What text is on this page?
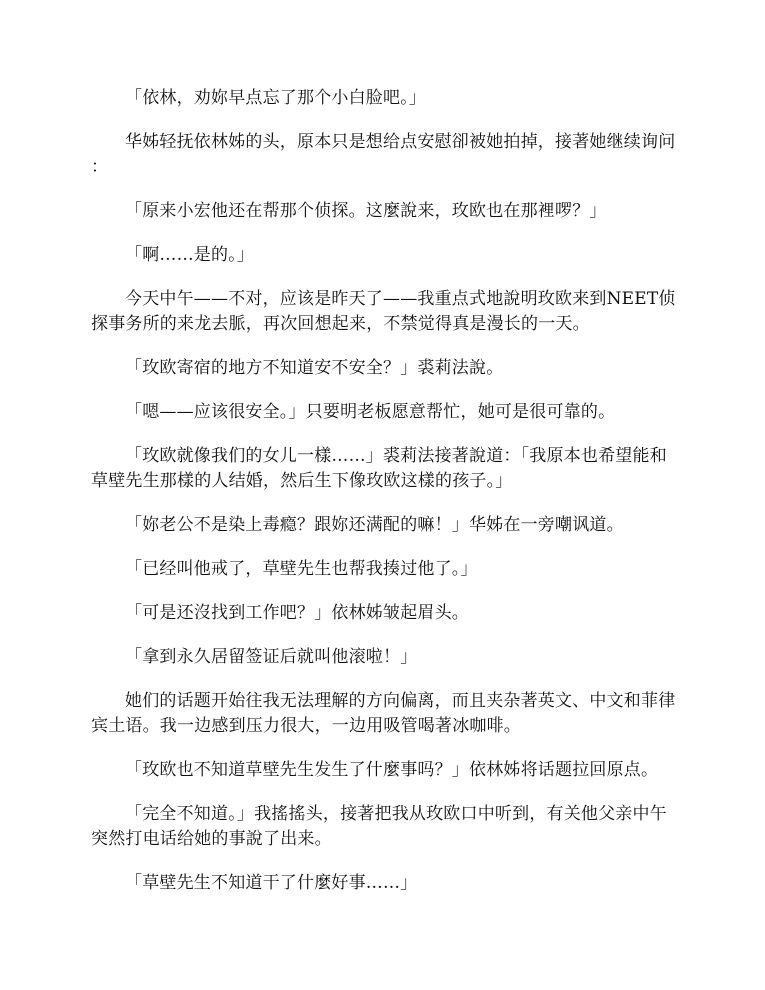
「依林，劝妳早点忘了那个小白脸吧。」

华姊轻抚依林姊的头，原本只是想给点安慰卻被她拍掉，接著她继续询问：

「原来小宏他还在帮那个侦探。这麼說来，玫欧也在那裡啰？」

「啊……是的。」

今天中午——不对，应该是昨天了——我重点式地說明玫欧来到NEET侦探事务所的来龙去脈，再次回想起来，不禁觉得真是漫长的一天。

「玫欧寄宿的地方不知道安不安全？」裘莉法說。

「嗯——应该很安全。」只要明老板愿意帮忙，她可是很可靠的。

「玫欧就像我们的女儿一樣……」裘莉法接著說道：「我原本也希望能和草壁先生那樣的人结婚，然后生下像玫欧这樣的孩子。」

「妳老公不是染上毒瘾？跟妳还满配的嘛！」华姊在一旁嘲讽道。

「已经叫他戒了，草壁先生也帮我揍过他了。」

「可是还沒找到工作吧？」依林姊皱起眉头。

「拿到永久居留签证后就叫他滚啦！」

她们的话题开始往我无法理解的方向偏离，而且夹杂著英文、中文和菲律宾土语。我一边感到压力很大，一边用吸管喝著冰咖啡。

「玫欧也不知道草壁先生发生了什麼事吗？」依林姊将话题拉回原点。

「完全不知道。」我搖搖头，接著把我从玫欧口中听到，有关他父亲中午突然打电话给她的事說了出来。

「草壁先生不知道干了什麼好事……」
